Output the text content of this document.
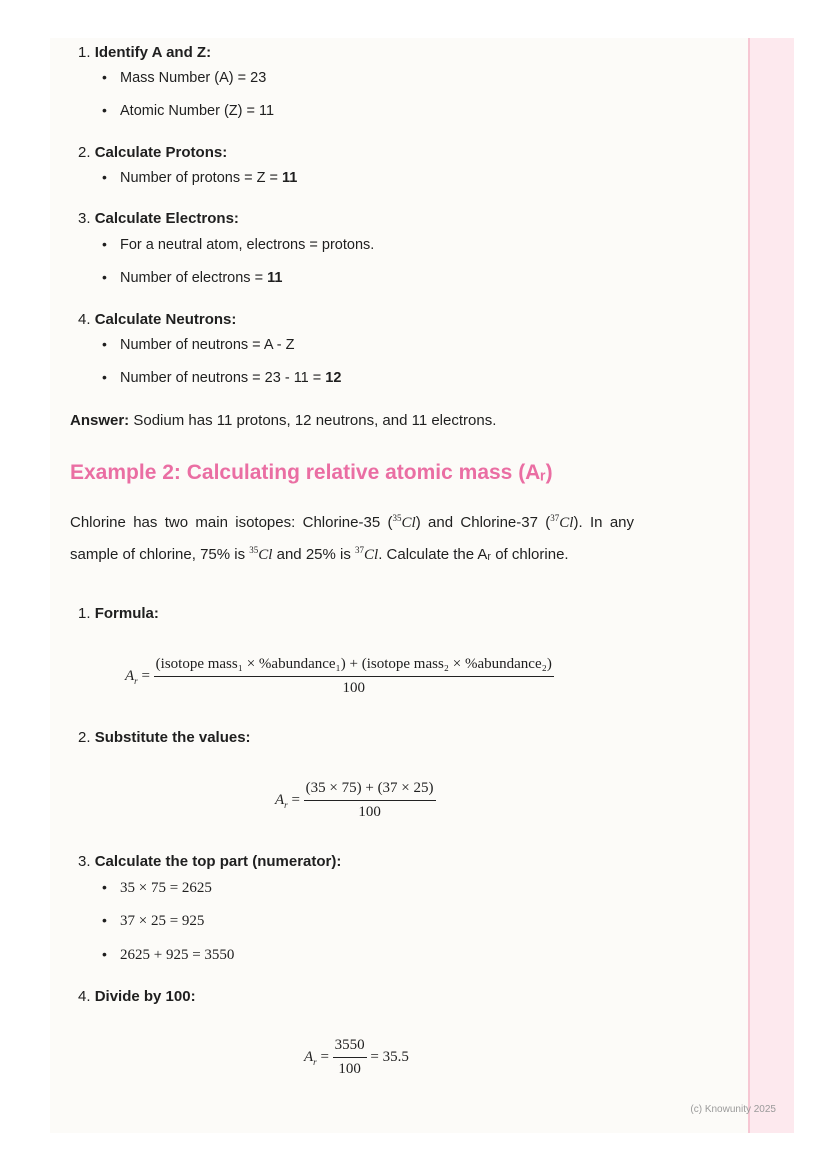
1. Identify A and Z:
• Mass Number (A) = 23
• Atomic Number (Z) = 11
2. Calculate Protons:
• Number of protons = Z = 11
3. Calculate Electrons:
• For a neutral atom, electrons = protons.
• Number of electrons = 11
4. Calculate Neutrons:
• Number of neutrons = A - Z
• Number of neutrons = 23 - 11 = 12
Answer: Sodium has 11 protons, 12 neutrons, and 11 electrons.
Example 2: Calculating relative atomic mass (Aᵣ)
Chlorine has two main isotopes: Chlorine-35 ($^{35}$Cl) and Chlorine-37 ($^{37}$Cl). In any sample of chlorine, 75% is $^{35}$Cl and 25% is $^{37}$Cl. Calculate the Aᵣ of chlorine.
1. Formula:
$A_r$ =
(isotope mass₁ × %abundance₁) + (isotope mass₂ × %abundance₂)
100
2. Substitute the values:
$A_r = \frac{(35 \times 75) + (37 \times 25)}{100}$
3. Calculate the top part (numerator):
• 35 × 75 = 2625
• 37 × 25 = 925
• 2625 + 925 = 3550
4. Divide by 100:
$A_r = \frac{3550}{100} = 35.5$
(c) Knowunity 2025
